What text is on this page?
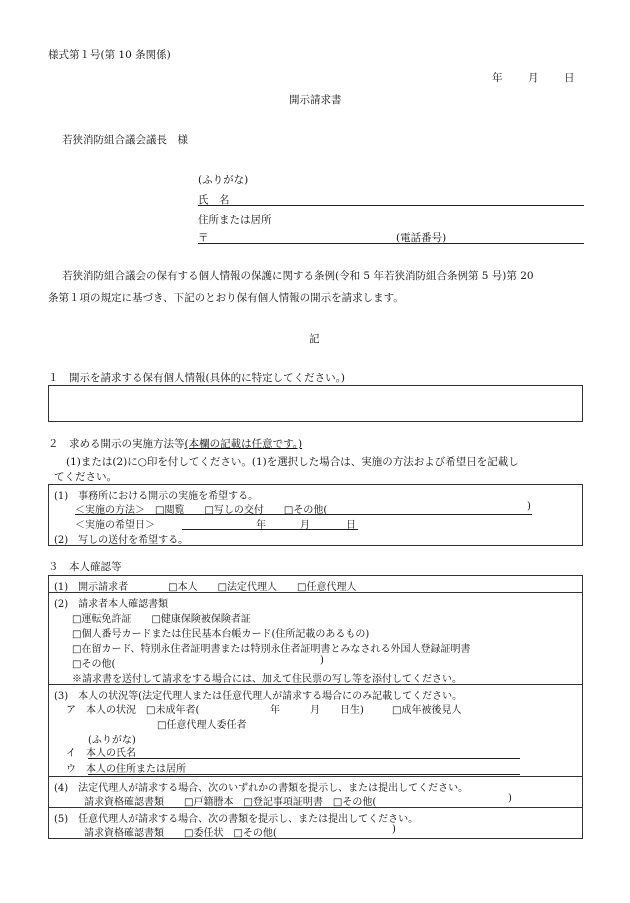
様式第１号(第 10 条関係)
年 月 日
開示請求書
若狭消防組合議会議長　様
(ふりがな)
氏　名
住所または居所
〒	(電話番号)
若狭消防組合議会の保有する個人情報の保護に関する条例(令和 5 年若狭消防組合条例第 5 号)第 20
条第１項の規定に基づき、下記のとおり保有個人情報の開示を請求します。
記
１　開示を請求する保有個人情報(具体的に特定してください。)
２　求める開示の実施方法等(本欄の記載は任意です。)
(1)または(2)に○印を付してください。(1)を選択した場合は、実施の方法および希望日を記載し
てください。
(1)　事務所における開示の実施を希望する。
＜実施の方法＞　□閲覧　　□写しの交付　　□その他(	)
＜実施の希望日＞	年	月	日
(2)　写しの送付を希望する。
３　本人確認等
(1)　開示請求者　　　　□本人　　□法定代理人　　□任意代理人
(2)　請求者本人確認書類
□運転免許証　　□健康保険被保険者証
□個人番号カードまたは住民基本台帳カード(住所記載のあるもの)
□在留カード、特別永住者証明書または特別永住者証明書とみなされる外国人登録証明書
□その他(	)
※請求書を送付して請求をする場合には、加えて住民票の写し等を添付してください。
(3)　本人の状況等(法定代理人または任意代理人が請求する場合にのみ記載してください。
ア　本人の状況　□未成年者(	年	月 日生)	□成年被後見人
□任意代理人委任者
(ふりがな)
イ　本人の氏名
ウ　本人の住所または居所
(4)　法定代理人が請求する場合、次のいずれかの書類を提示し、または提出してください。
請求資格確認書類　　□戸籍謄本　□登記事項証明書　□その他(	)
(5)　任意代理人が請求する場合、次の書類を提示し、または提出してください。
請求資格確認書類　　□委任状　□その他(	)
